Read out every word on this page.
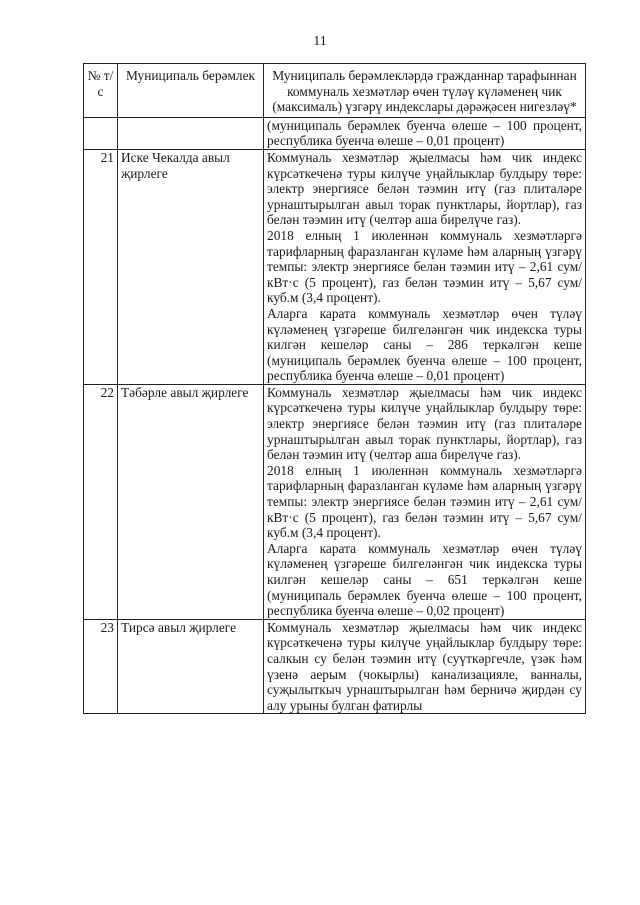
11
№ т/с	Муниципаль берәмлек	Муниципаль берәмлекләрдә гражданнар тарафыннан коммуналь хезмәтләр өчен түләү күләменең чик (максималь) үзгәрү индекслары дәрәҗәсен нигезләү*

		(муниципаль берәмлек буенча өлеше – 100 процент, республика буенча өлеше – 0,01 процент)

21	Иске Чекалда авыл җирлеге	Коммуналь хезмәтләр җыелмасы һәм чик индекс күрсәткеченә туры килүче уңайлыклар булдыру төре: электр энергиясе белән тәэмин итү (газ плиталәре урнаштырылган авыл торак пунктлары, йортлар), газ белән тәэмин итү (челтәр аша бирелүче газ).

2018 елның 1 июленнән коммуналь хезмәтләргә тарифларның фаразланган күләме һәм аларның үзгәрү темпы: электр энергиясе белән тәэмин итү – 2,61 сум/кВт·с (5 процент), газ белән тәэмин итү – 5,67 сум/куб.м (3,4 процент).

Аларга карата коммуналь хезмәтләр өчен түләү күләменең үзгәреше билгеләнгән чик индекска туры килгән кешеләр саны – 286 теркәлгән кеше (муниципаль берәмлек буенча өлеше – 100 процент, республика буенча өлеше – 0,01 процент)

22	Тәбәрле авыл җирлеге	Коммуналь хезмәтләр җыелмасы һәм чик индекс күрсәткеченә туры килүче уңайлыклар булдыру төре: электр энергиясе белән тәэмин итү (газ плиталәре урнаштырылган авыл торак пунктлары, йортлар), газ белән тәэмин итү (челтәр аша бирелүче газ).

2018 елның 1 июленнән коммуналь хезмәтләргә тарифларның фаразланган күләме һәм аларның үзгәрү темпы: электр энергиясе белән тәэмин итү – 2,61 сум/кВт·с (5 процент), газ белән тәэмин итү – 5,67 сум/куб.м (3,4 процент).

Аларга карата коммуналь хезмәтләр өчен түләү күләменең үзгәреше билгеләнгән чик индекска туры килгән кешеләр саны – 651 теркәлгән кеше (муниципаль берәмлек буенча өлеше – 100 процент, республика буенча өлеше – 0,02 процент)

23	Тирсә авыл җирлеге	Коммуналь хезмәтләр җыелмасы һәм чик индекс күрсәткеченә туры килүче уңайлыклар булдыру төре: салкын су белән тәэмин итү (суүткәргечле, үзәк һәм үзенә аерым (чокырлы) канализацияле, ванналы, суҗылыткыч урнаштырылган һәм берничә җирдән су алу урыны булган фатирлы
